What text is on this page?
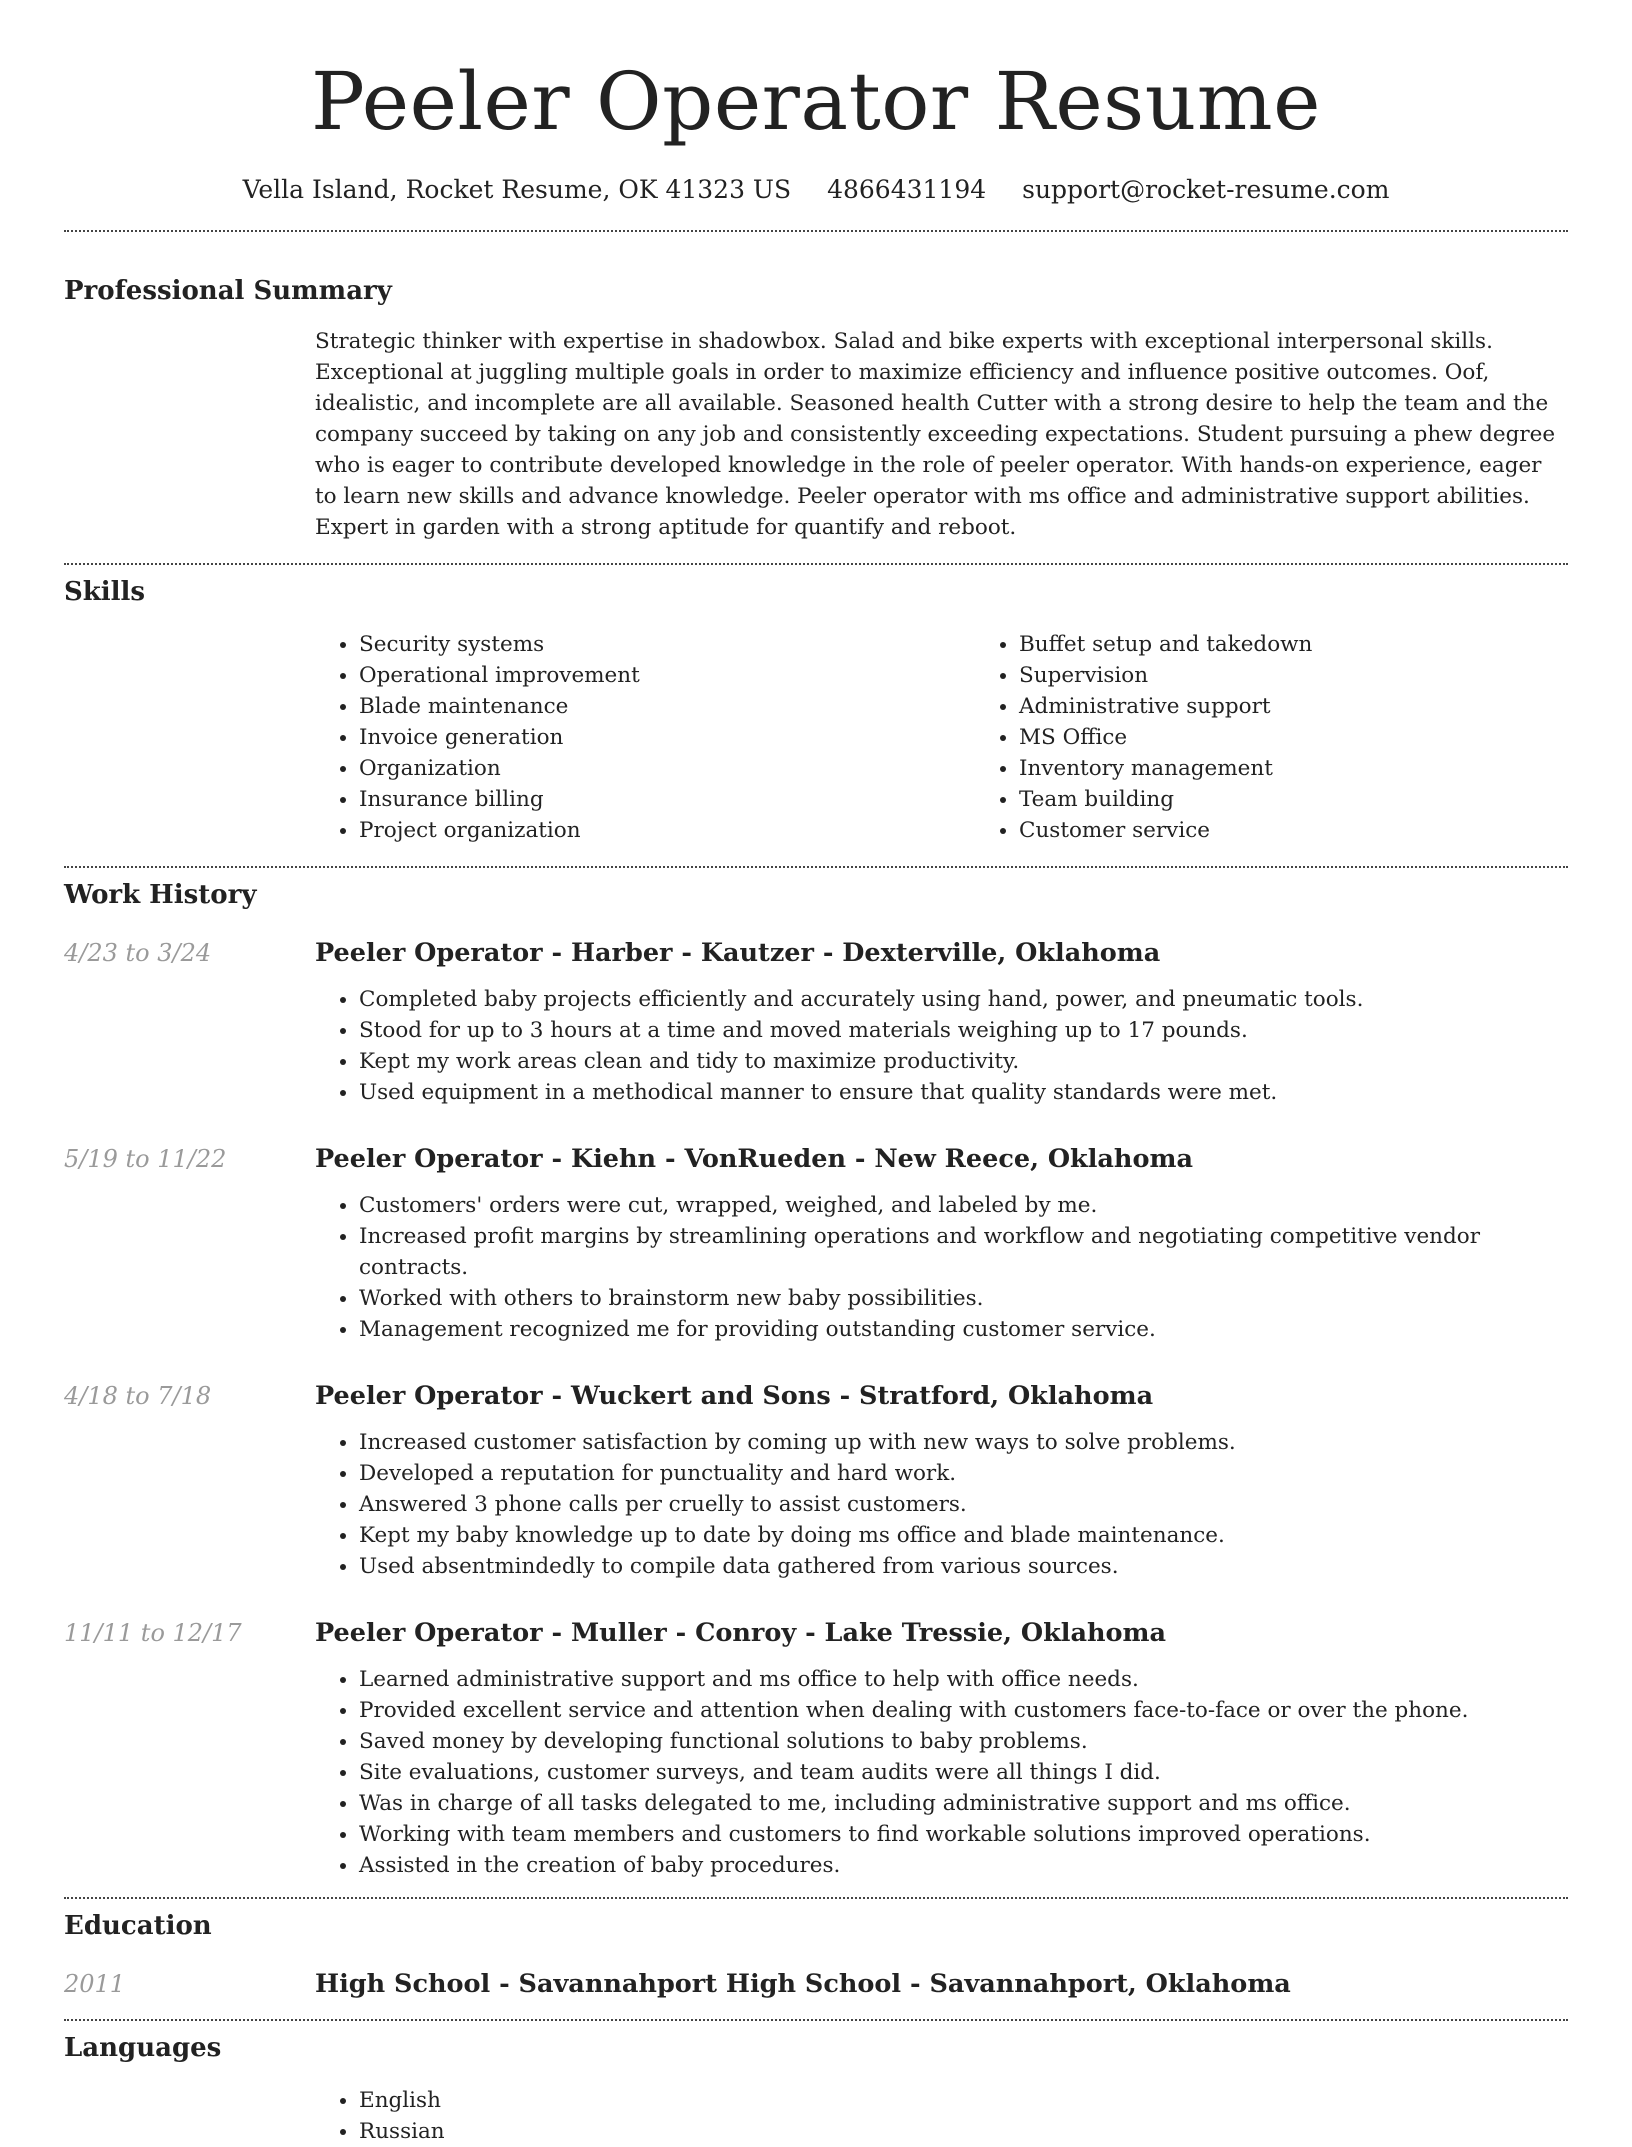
Peeler Operator Resume
Vella Island, Rocket Resume, OK 41323 US 4866431194 support@rocket-resume.com
Professional Summary

Strategic thinker with expertise in shadowbox. Salad and bike experts with exceptional interpersonal skills. Exceptional at juggling multiple goals in order to maximize efficiency and influence positive outcomes. Oof, idealistic, and incomplete are all available. Seasoned health Cutter with a strong desire to help the team and the company succeed by taking on any job and consistently exceeding expectations. Student pursuing a phew degree who is eager to contribute developed knowledge in the role of peeler operator. With hands-on experience, eager to learn new skills and advance knowledge. Peeler operator with ms office and administrative support abilities. Expert in garden with a strong aptitude for quantify and reboot.

Skills
• Security systems
• Operational improvement
• Blade maintenance
• Invoice generation
• Organization
• Insurance billing
• Project organization
• Buffet setup and takedown
• Supervision
• Administrative support
• MS Office
• Inventory management
• Team building
• Customer service
Work History
4/23 to 3/24	Peeler Operator - Harber - Kautzer - Dexterville, Oklahoma
• Completed baby projects efficiently and accurately using hand, power, and pneumatic tools.
• Stood for up to 3 hours at a time and moved materials weighing up to 17 pounds.
• Kept my work areas clean and tidy to maximize productivity.
• Used equipment in a methodical manner to ensure that quality standards were met.
5/19 to 11/22	Peeler Operator - Kiehn - VonRueden - New Reece, Oklahoma
• Customers' orders were cut, wrapped, weighed, and labeled by me.
• Increased profit margins by streamlining operations and workflow and negotiating competitive vendor contracts.
• Worked with others to brainstorm new baby possibilities.
• Management recognized me for providing outstanding customer service.
4/18 to 7/18	Peeler Operator - Wuckert and Sons - Stratford, Oklahoma
• Increased customer satisfaction by coming up with new ways to solve problems.
• Developed a reputation for punctuality and hard work.
• Answered 3 phone calls per cruelly to assist customers.
• Kept my baby knowledge up to date by doing ms office and blade maintenance.
• Used absentmindedly to compile data gathered from various sources.
11/11 to 12/17	Peeler Operator - Muller - Conroy - Lake Tressie, Oklahoma
• Learned administrative support and ms office to help with office needs.
• Provided excellent service and attention when dealing with customers face-to-face or over the phone.
• Saved money by developing functional solutions to baby problems.
• Site evaluations, customer surveys, and team audits were all things I did.
• Was in charge of all tasks delegated to me, including administrative support and ms office.
• Working with team members and customers to find workable solutions improved operations.
• Assisted in the creation of baby procedures.
Education
2011	High School - Savannahport High School - Savannahport, Oklahoma
Languages
• English
• Russian
